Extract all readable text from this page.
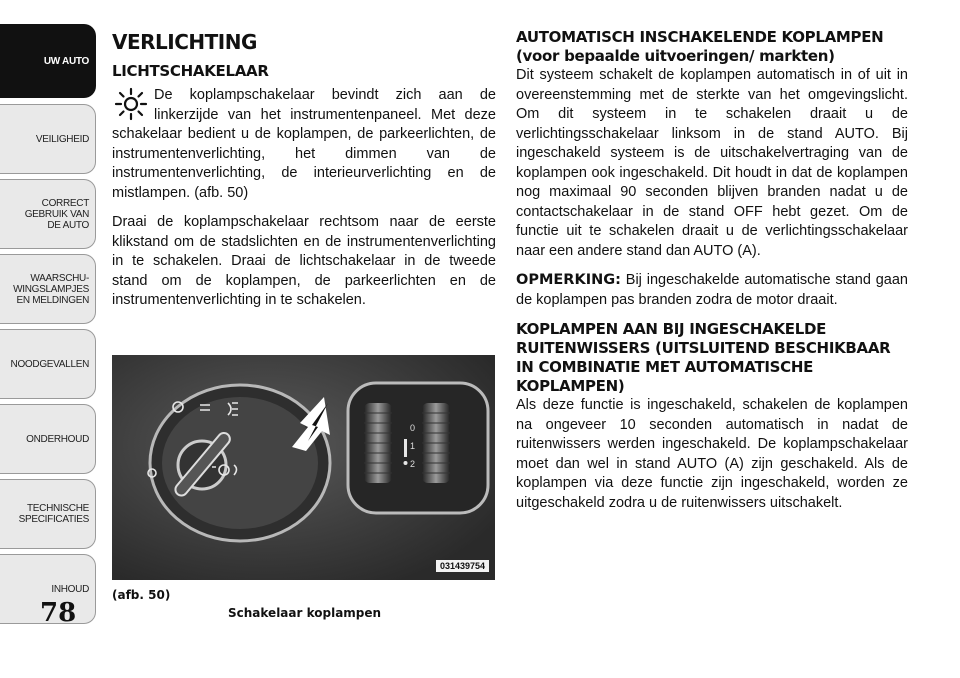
UW AUTO
VEILIGHEID
CORRECT
GEBRUIK VAN
DE AUTO
WAARSCHU-
WINGSLAMPJES
EN MELDINGEN
NOODGEVALLEN
ONDERHOUD
TECHNISCHE
SPECIFICATIES
INHOUD
78
VERLICHTING
LICHTSCHAKELAAR

De koplampschakelaar bevindt zich aan de linkerzijde van het instrumentenpaneel. Met deze schakelaar bedient u de koplampen, de parkeerlichten, de instrumentenverlichting, het dimmen van de instrumentenverlichting, de interieurverlichting en de mistlampen. (afb. 50)

Draai de koplampschakelaar rechtsom naar de eerste klikstand om de stadslichten en de instrumentenverlichting in te schakelen. Draai de lichtschakelaar in de tweede stand om de koplampen, de parkeerlichten en de instrumentenverlichting in te schakelen.

0
1
2
031439754
(afb. 50)
Schakelaar koplampen
AUTOMATISCH INSCHAKELENDE KOPLAMPEN (voor bepaalde uitvoeringen/ markten)

Dit systeem schakelt de koplampen automatisch in of uit in overeenstemming met de sterkte van het omgevingslicht. Om dit systeem in te schakelen draait u de verlichtingsschakelaar linksom in de stand AUTO. Bij ingeschakeld systeem is de uitschakelvertraging van de koplampen ook ingeschakeld. Dit houdt in dat de koplampen nog maximaal 90 seconden blijven branden nadat u de contactschakelaar in de stand OFF hebt gezet. Om de functie uit te schakelen draait u de verlichtingsschakelaar naar een andere stand dan AUTO (A).

OPMERKING: Bij ingeschakelde automatische stand gaan de koplampen pas branden zodra de motor draait.

KOPLAMPEN AAN BIJ INGESCHAKELDE RUITENWISSERS (UITSLUITEND BESCHIKBAAR IN COMBINATIE MET AUTOMATISCHE KOPLAMPEN)

Als deze functie is ingeschakeld, schakelen de koplampen na ongeveer 10 seconden automatisch in nadat de ruitenwissers werden ingeschakeld. De koplampschakelaar moet dan wel in stand AUTO (A) zijn geschakeld. Als de koplampen via deze functie zijn ingeschakeld, worden ze uitgeschakeld zodra u de ruitenwissers uitschakelt.
